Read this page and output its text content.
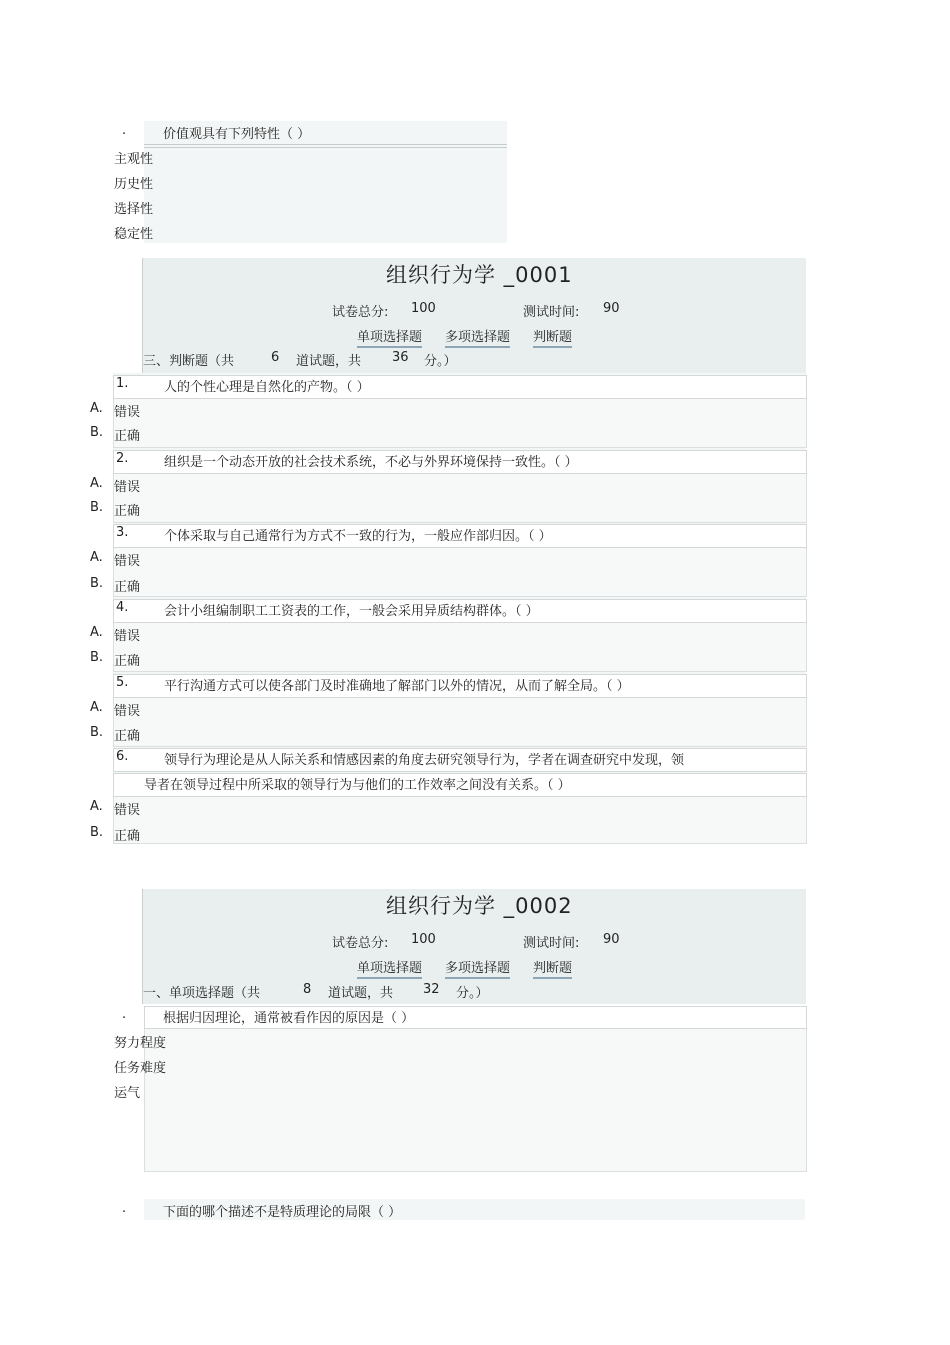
.	价值观具有下列特性（ ）
主观性
历史性
选择性
稳定性
组织行为学 _0001
试卷总分: 100	测试时间: 90
单项选择题 多项选择题 判断题
三、判断题（共	6 道试题，共 36 分。）
1.	人的个性心理是自然化的产物。（ ）
A. 错误
B. 正确
2.	组织是一个动态开放的社会技术系统，不必与外界环境保持一致性。（ ）
A. 错误
B. 正确
3.	个体采取与自己通常行为方式不一致的行为，一般应作部归因。（ ）
A. 错误
B. 正确
4.	会计小组编制职工工资表的工作，一般会采用异质结构群体。（ ）
A. 错误
B. 正确
5.	平行沟通方式可以使各部门及时准确地了解部门以外的情况，从而了解全局。（ ）
A. 错误
B. 正确
6.	领导行为理论是从人际关系和情感因素的角度去研究领导行为，学者在调查研究中发现，领
导者在领导过程中所采取的领导行为与他们的工作效率之间没有关系。（ ）
A. 错误
B. 正确
组织行为学 _0002
试卷总分: 100	测试时间: 90
单项选择题 多项选择题 判断题
一、单项选择题（共	8 道试题，共 32 分。）
.	根据归因理论，通常被看作因的原因是（ ）
努力程度
任务难度
运气
.	下面的哪个描述不是特质理论的局限（ ）
